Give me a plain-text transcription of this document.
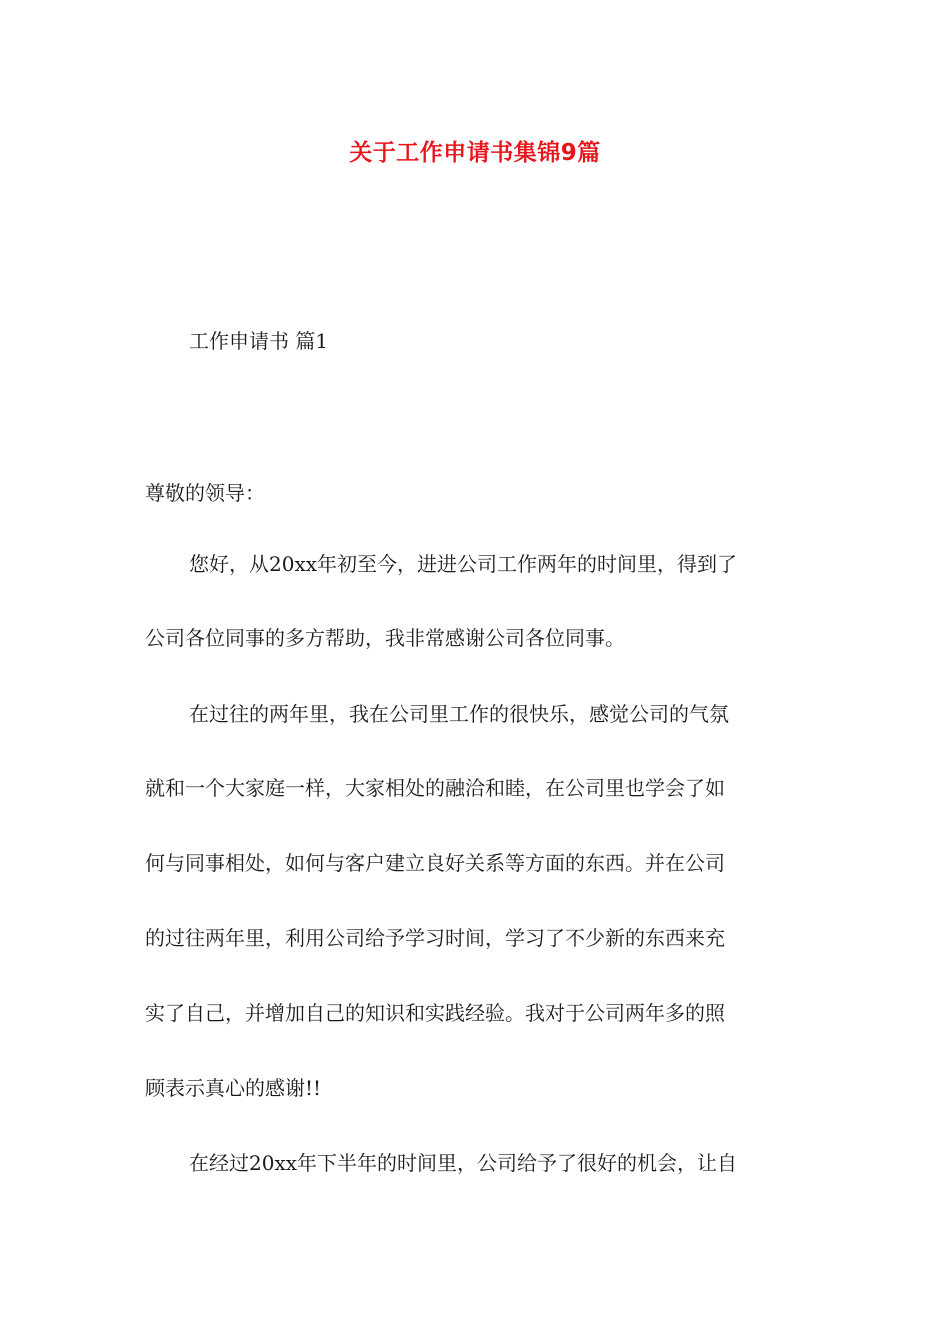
关于工作申请书集锦9篇
工作申请书 篇1
尊敬的领导：
您好，从20xx年初至今，进进公司工作两年的时间里，得到了
公司各位同事的多方帮助，我非常感谢公司各位同事。
在过往的两年里，我在公司里工作的很快乐，感觉公司的气氛
就和一个大家庭一样，大家相处的融洽和睦，在公司里也学会了如
何与同事相处，如何与客户建立良好关系等方面的东西。并在公司
的过往两年里，利用公司给予学习时间，学习了不少新的东西来充
实了自己，并增加自己的知识和实践经验。我对于公司两年多的照
顾表示真心的感谢!!
在经过20xx年下半年的时间里，公司给予了很好的机会，让自
